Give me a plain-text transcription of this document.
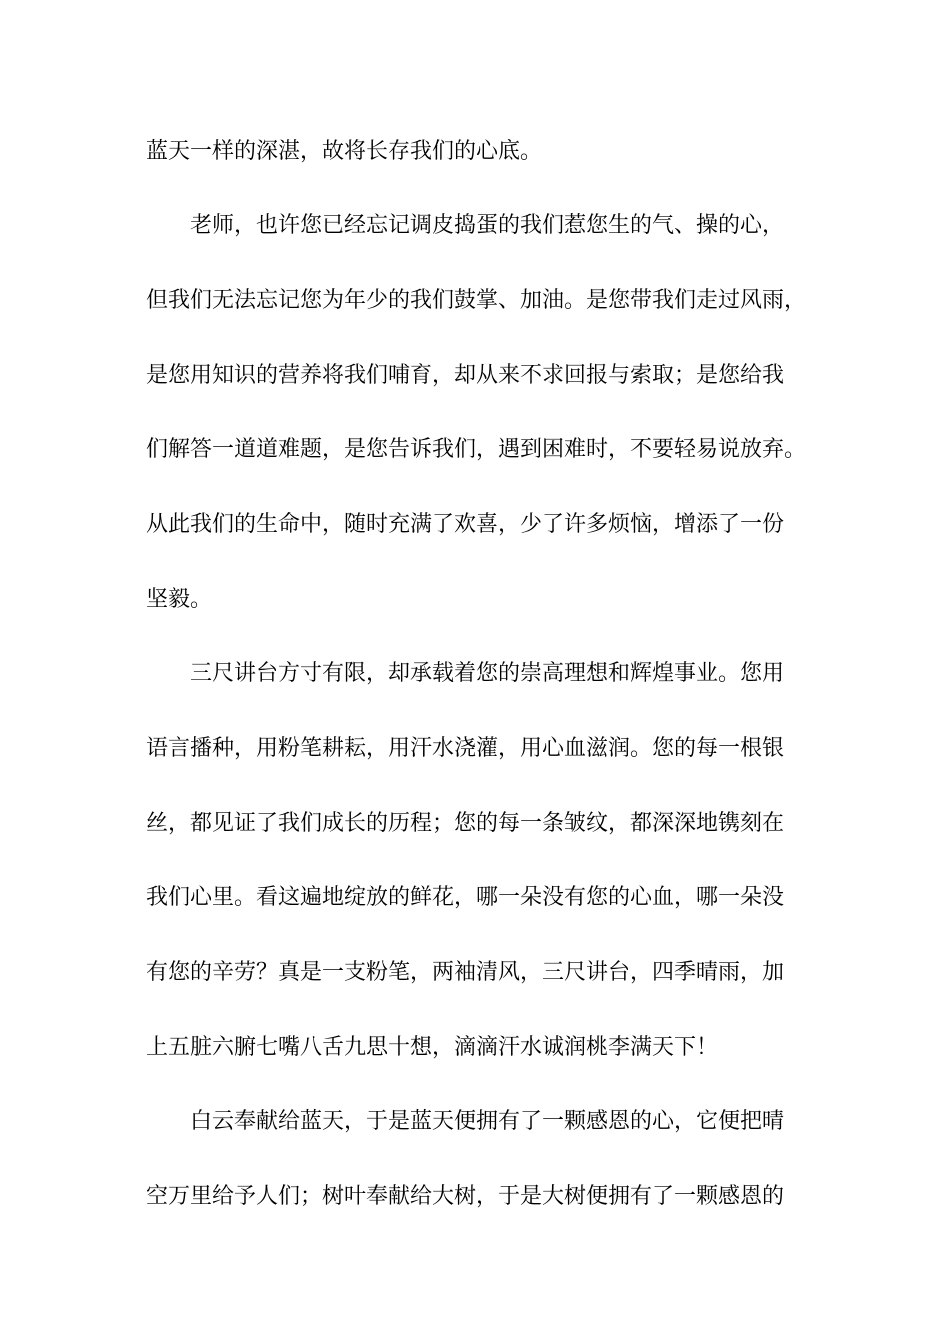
蓝天一样的深湛，故将长存我们的心底。
　　老师，也许您已经忘记调皮捣蛋的我们惹您生的气、操的心，
但我们无法忘记您为年少的我们鼓掌、加油。是您带我们走过风雨，
是您用知识的营养将我们哺育，却从来不求回报与索取；是您给我
们解答一道道难题，是您告诉我们，遇到困难时，不要轻易说放弃。
从此我们的生命中，随时充满了欢喜，少了许多烦恼，增添了一份
坚毅。
　　三尺讲台方寸有限，却承载着您的崇高理想和辉煌事业。您用
语言播种，用粉笔耕耘，用汗水浇灌，用心血滋润。您的每一根银
丝，都见证了我们成长的历程；您的每一条皱纹，都深深地镌刻在
我们心里。看这遍地绽放的鲜花，哪一朵没有您的心血，哪一朵没
有您的辛劳？真是一支粉笔，两袖清风，三尺讲台，四季晴雨，加
上五脏六腑七嘴八舌九思十想，滴滴汗水诚润桃李满天下！
　　白云奉献给蓝天，于是蓝天便拥有了一颗感恩的心，它便把晴
空万里给予人们；树叶奉献给大树，于是大树便拥有了一颗感恩的
